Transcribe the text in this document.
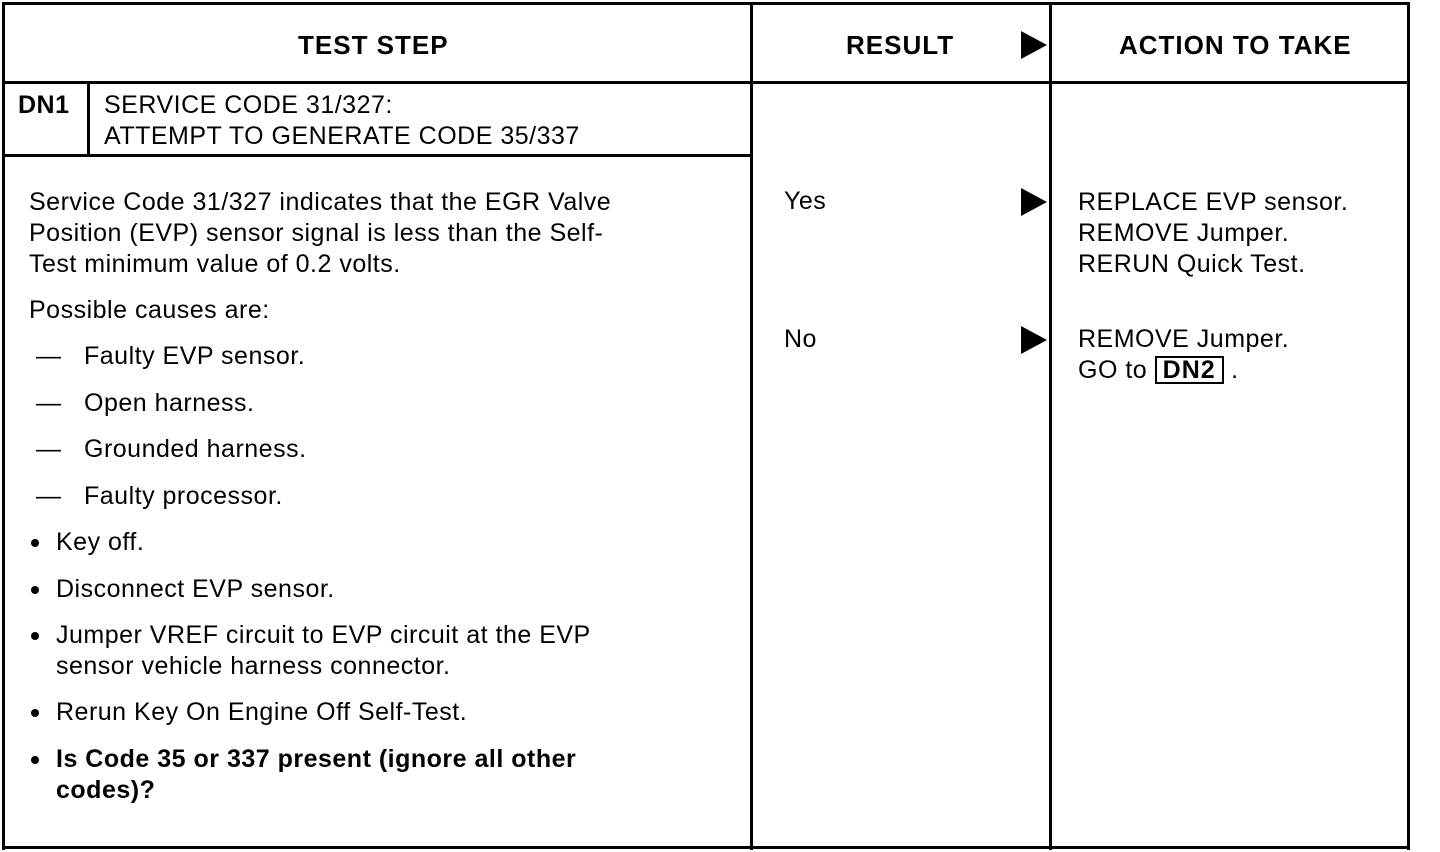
TEST STEP	RESULT	ACTION TO TAKE
DN1 SERVICE CODE 31/327:
ATTEMPT TO GENERATE CODE 35/337
Service Code 31/327 indicates that the EGR Valve
Position (EVP) sensor signal is less than the Self-
Test minimum value of 0.2 volts.
Possible causes are:
— Faulty EVP sensor.
— Open harness.
— Grounded harness.
— Faulty processor.
Key off.
Disconnect EVP sensor.
Jumper VREF circuit to EVP circuit at the EVP
sensor vehicle harness connector.
Rerun Key On Engine Off Self-Test.
Is Code 35 or 337 present (ignore all other
codes)?
Yes
No
REPLACE EVP sensor.
REMOVE Jumper.
RERUN Quick Test.
REMOVE Jumper.
GO to DN2 .
